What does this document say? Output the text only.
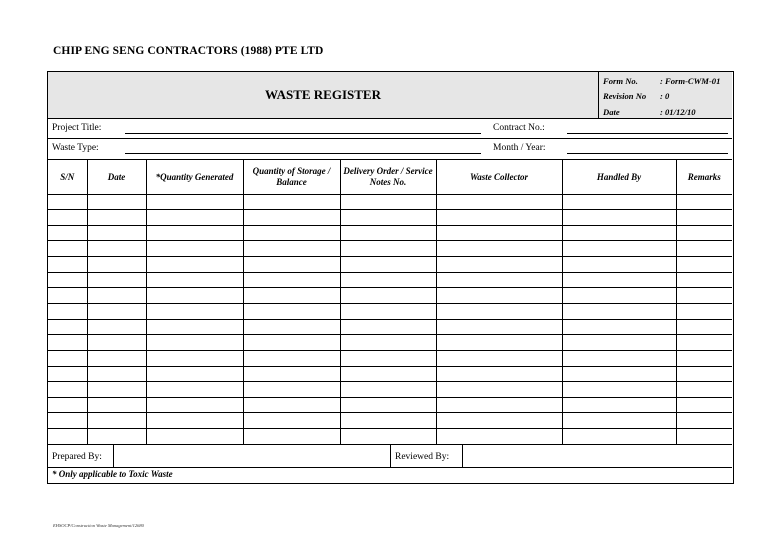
CHIP ENG SENG CONTRACTORS (1988) PTE LTD
WASTE REGISTER
Form No.	: Form-CWM-01
Revision No	: 0
Date	: 01/12/10
Project Title:	Contract No.:
Waste Type:	Month / Year:
S/N	Date	*Quantity Generated	Quantity of Storage / Balance	Delivery Order / Service Notes No.	Waste Collector	Handled By	Remarks

Prepared By:	Reviewed By:
* Only applicable to Toxic Waste
EHSOCP/Construction Waste Management/12680
